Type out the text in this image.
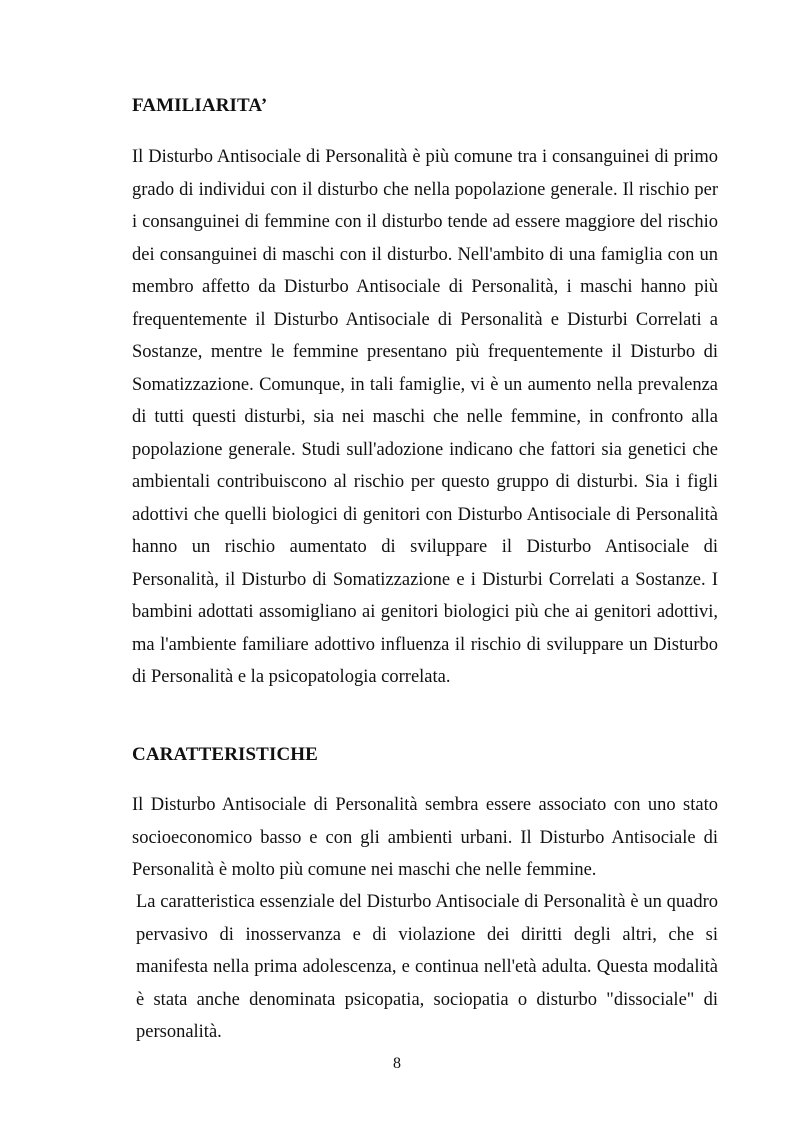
FAMILIARITA’

Il Disturbo Antisociale di Personalità è più comune tra i consanguinei di primo grado di individui con il disturbo che nella popolazione generale. Il rischio per i consanguinei di femmine con il disturbo tende ad essere maggiore del rischio dei consanguinei di maschi con il disturbo. Nell'ambito di una famiglia con un membro affetto da Disturbo Antisociale di Personalità, i maschi hanno più frequentemente il Disturbo Antisociale di Personalità e Disturbi Correlati a Sostanze, mentre le femmine presentano più frequentemente il Disturbo di Somatizzazione. Comunque, in tali famiglie, vi è un aumento nella prevalenza di tutti questi disturbi, sia nei maschi che nelle femmine, in confronto alla popolazione generale. Studi sull'adozione indicano che fattori sia genetici che ambientali contribuiscono al rischio per questo gruppo di disturbi. Sia i figli adottivi che quelli biologici di genitori con Disturbo Antisociale di Personalità hanno un rischio aumentato di sviluppare il Disturbo Antisociale di Personalità, il Disturbo di Somatizzazione e i Disturbi Correlati a Sostanze. I bambini adottati assomigliano ai genitori biologici più che ai genitori adottivi, ma l'ambiente familiare adottivo influenza il rischio di sviluppare un Disturbo di Personalità e la psicopatologia correlata.

CARATTERISTICHE

Il Disturbo Antisociale di Personalità sembra essere associato con uno stato socioeconomico basso e con gli ambienti urbani. Il Disturbo Antisociale di Personalità è molto più comune nei maschi che nelle femmine.

La caratteristica essenziale del Disturbo Antisociale di Personalità è un quadro pervasivo di inosservanza e di violazione dei diritti degli altri, che si manifesta nella prima adolescenza, e continua nell'età adulta. Questa modalità è stata anche denominata psicopatia, sociopatia o disturbo "dissociale" di personalità.

8
